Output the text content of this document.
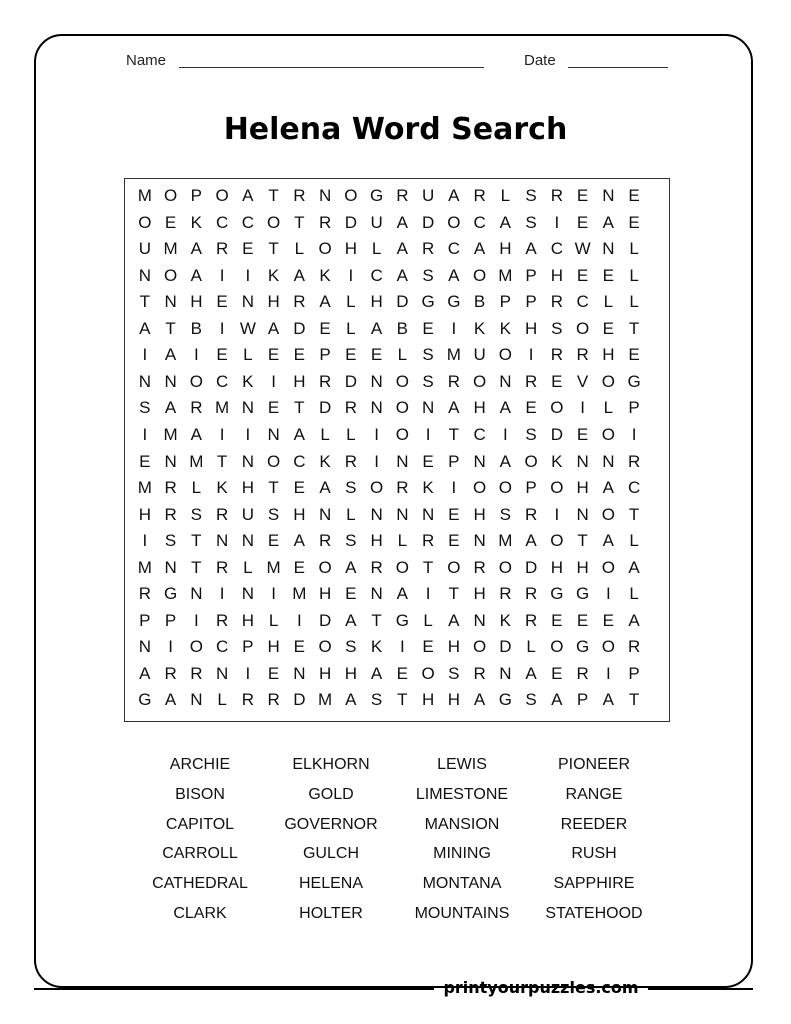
Name	Date
Helena Word Search
M O P O A T R N O G R U A R L S R E N E
O E K C C O T R D U A D O C A S	I	E A E
U M A R E T L O H L A R C A H A C W N L
N O A	I	I	K A K	I	C A S A O M P H E E L
T N H E N H R A L H D G G B P P R C L L
A T B	I W A D E L A B E	I	K K H S O E T
I	A	I	E L E E P E E L S M U O I	R R H E
N N O C K	I	H R D N O S R O N R E V O G
S A R M N E T D R N O N A H A E O I	L P
I M A	I	I	N A L L	I O I	T C	I	S D E O I
E N M T N O C K R	I	N E P N A O K N N R
M R L K H T E A S O R K	I O O P O H A C
H R S R U S H N L N N N E H S R	I	N O T
I	S T N N E A R S H L R E N M A O T A L
M N T R L M E O A R O T O R O D H H O A
R G N	I	N	I M H E N A	I	T H R R G G I	L
P P	I	R H L	I	D A T G L A N K R E E E A
N	I O C P H E O S K	I	E H O D L O G O R
A R R N	I	E N H H A E O S R N A E R	I	P
G A N L R R D M A S T H H A G S A P A T
ARCHIE	ELKHORN	LEWIS	PIONEER
BISON	GOLD	LIMESTONE	RANGE
CAPITOL	GOVERNOR	MANSION	REEDER
CARROLL	GULCH	MINING	RUSH
CATHEDRAL	HELENA	MONTANA	SAPPHIRE
CLARK	HOLTER	MOUNTAINS	STATEHOOD
printyourpuzzles.com
